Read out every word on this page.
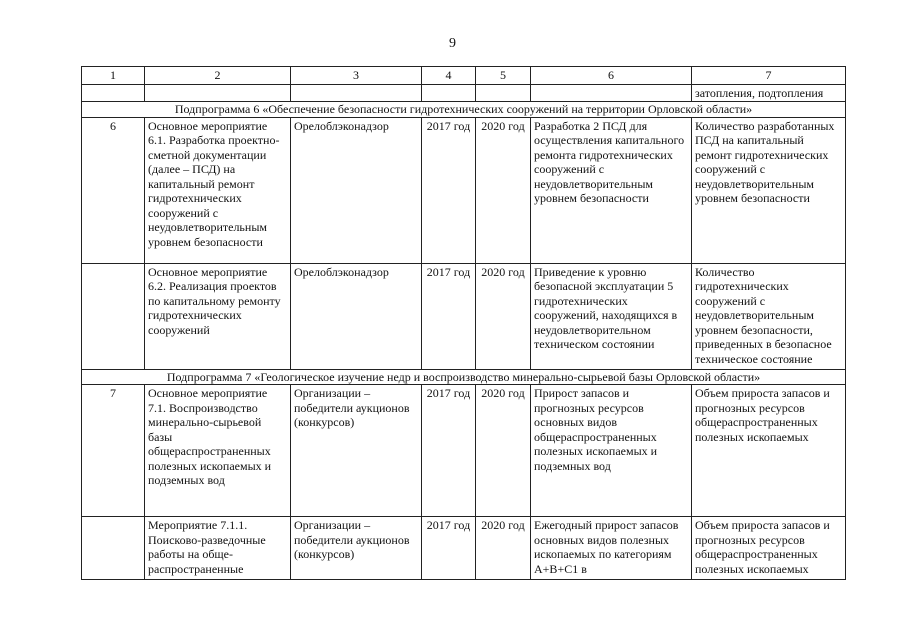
9
1	2	3	4	5	6	7
						затопления, подтопления
Подпрограмма 6 «Обеспечение безопасности гидротехнических сооружений на территории Орловской области»						
6	Основное мероприятие 6.1. Разработка проектно-сметной документации (далее – ПСД) на капитальный ремонт гидротехнических сооружений с неудовлетворительным уровнем безопасности	Орелоблэконадзор	2017 год	2020 год	Разработка 2 ПСД для осуществления капитального ремонта гидротехнических сооружений с неудовлетворительным уровнем безопасности	Количество разработанных ПСД на капитальный ремонт гидротехнических сооружений с неудовлетворительным уровнем безопасности
	Основное мероприятие 6.2. Реализация проектов по капитальному ремонту гидротехнических сооружений	Орелоблэконадзор	2017 год	2020 год	Приведение к уровню безопасной эксплуатации 5 гидротехнических сооружений, находящихся в неудовлетворительном техническом состоянии	Количество гидротехнических сооружений с неудовлетворительным уровнем безопасности, приведенных в безопасное техническое состояние
Подпрограмма 7 «Геологическое изучение недр и воспроизводство минерально-сырьевой базы Орловской области»						
7	Основное мероприятие 7.1. Воспроизводство минерально-сырьевой базы общераспространенных полезных ископаемых и подземных вод	Организации – победители аукционов (конкурсов)	2017 год	2020 год	Прирост запасов и прогнозных ресурсов основных видов общераспространенных полезных ископаемых и подземных вод	Объем прироста запасов и прогнозных ресурсов общераспространенных полезных ископаемых

	Мероприятие 7.1.1. Поисково-разведочные работы на обще-распространенные	Организации – победители аукционов (конкурсов)	2017 год	2020 год	Ежегодный прирост запасов основных видов полезных ископаемых по категориям A+B+C1 в	Объем прироста запасов и прогнозных ресурсов общераспространенных полезных ископаемых
